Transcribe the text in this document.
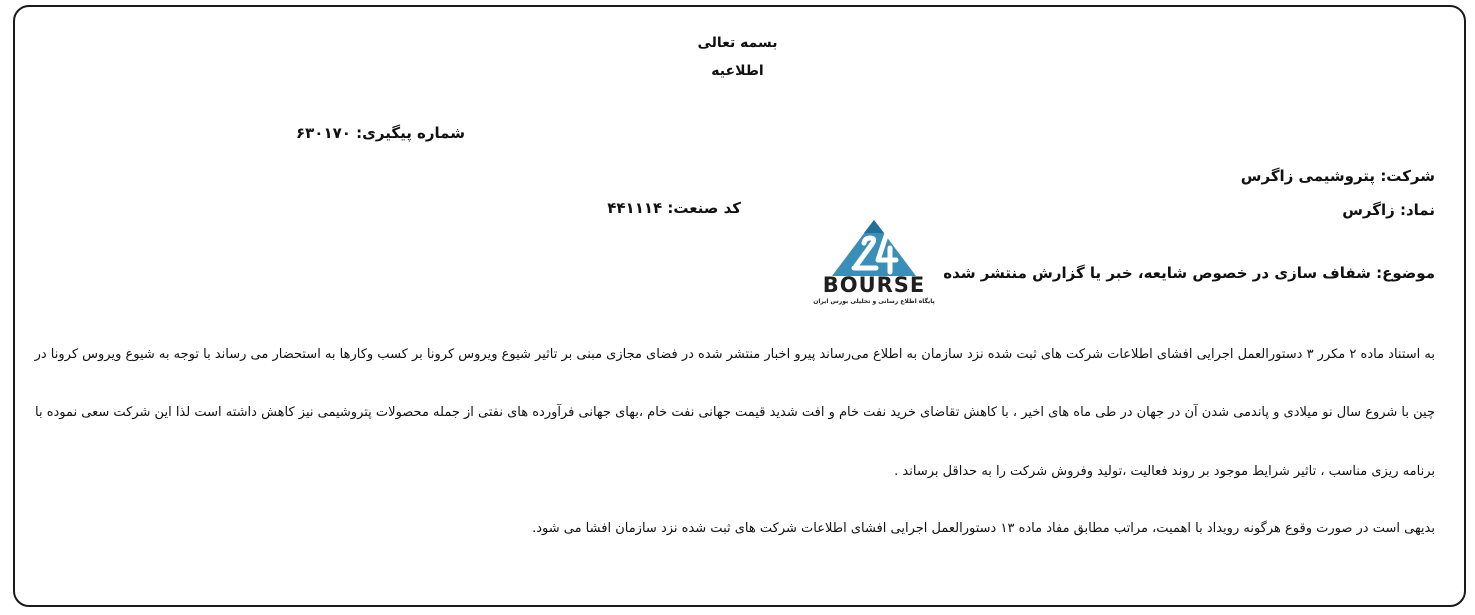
بسمه تعالی
اطلاعیه
شماره پیگیری: ۶۳۰۱۷۰
شرکت: پتروشیمی زاگرس
نماد: زاگرس
کد صنعت: ۴۴۱۱۱۴
موضوع: شفاف سازی در خصوص شایعه، خبر یا گزارش منتشر شده
BOURSE
پایگاه اطلاع رسانی و تحلیلی بورس ایران
به استناد ماده ۲ مکرر ۳ دستورالعمل اجرایی افشای اطلاعات شرکت های ثبت شده نزد سازمان به اطلاع می‌رساند پیرو اخبار منتشر شده در فضای مجازی مبنی بر تاثیر شیوع ویروس کرونا بر کسب وکارها به استحضار می رساند با توجه به شیوع ویروس کرونا در
چین با شروع سال نو میلادی و پاندمی شدن آن در جهان در طی ماه های اخیر ، با کاهش تقاضای خرید نفت خام و افت شدید قیمت جهانی نفت خام ،بهای جهانی فرآورده های نفتی از جمله محصولات پتروشیمی نیز کاهش داشته است لذا این شرکت سعی نموده با
برنامه ریزی مناسب ، تاثیر شرایط موجود بر روند فعالیت ،تولید وفروش شرکت را به حداقل برساند .
بدیهی است در صورت وقوع هرگونه رویداد با اهمیت، مراتب مطابق مفاد ماده ۱۳ دستورالعمل اجرایی افشای اطلاعات شرکت های ثبت شده نزد سازمان افشا می شود.
